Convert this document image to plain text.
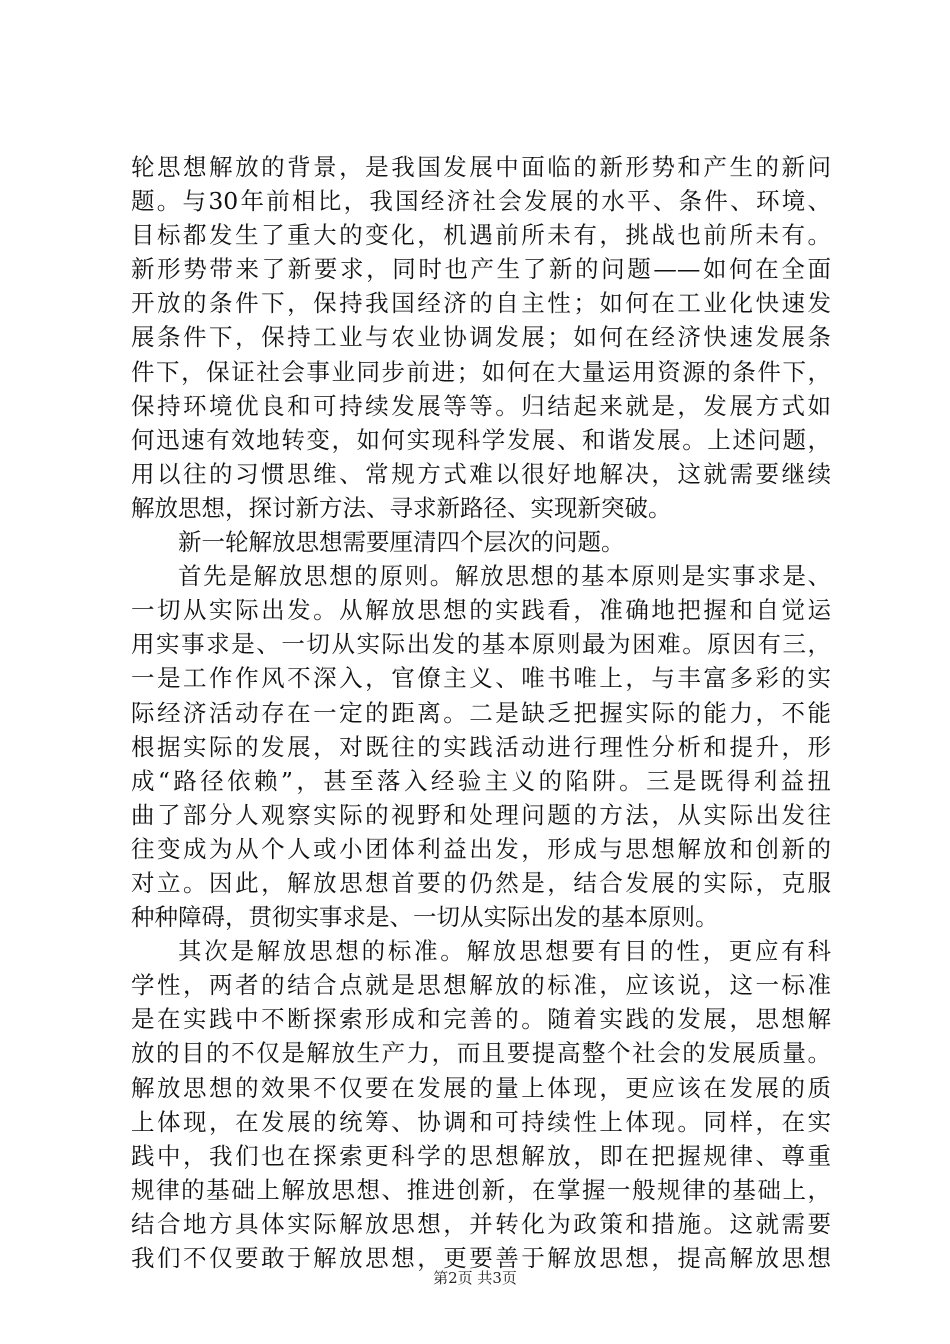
轮思想解放的背景，是我国发展中面临的新形势和产生的新问
题。与30年前相比，我国经济社会发展的水平、条件、环境、
目标都发生了重大的变化，机遇前所未有，挑战也前所未有。
新形势带来了新要求，同时也产生了新的问题——如何在全面
开放的条件下，保持我国经济的自主性；如何在工业化快速发
展条件下，保持工业与农业协调发展；如何在经济快速发展条
件下，保证社会事业同步前进；如何在大量运用资源的条件下，
保持环境优良和可持续发展等等。归结起来就是，发展方式如
何迅速有效地转变，如何实现科学发展、和谐发展。上述问题，
用以往的习惯思维、常规方式难以很好地解决，这就需要继续
解放思想，探讨新方法、寻求新路径、实现新突破。
新一轮解放思想需要厘清四个层次的问题。
首先是解放思想的原则。解放思想的基本原则是实事求是、
一切从实际出发。从解放思想的实践看，准确地把握和自觉运
用实事求是、一切从实际出发的基本原则最为困难。原因有三，
一是工作作风不深入，官僚主义、唯书唯上，与丰富多彩的实
际经济活动存在一定的距离。二是缺乏把握实际的能力，不能
根据实际的发展，对既往的实践活动进行理性分析和提升，形
成“路径依赖”，甚至落入经验主义的陷阱。三是既得利益扭
曲了部分人观察实际的视野和处理问题的方法，从实际出发往
往变成为从个人或小团体利益出发，形成与思想解放和创新的
对立。因此，解放思想首要的仍然是，结合发展的实际，克服
种种障碍，贯彻实事求是、一切从实际出发的基本原则。
其次是解放思想的标准。解放思想要有目的性，更应有科
学性，两者的结合点就是思想解放的标准，应该说，这一标准
是在实践中不断探索形成和完善的。随着实践的发展，思想解
放的目的不仅是解放生产力，而且要提高整个社会的发展质量。
解放思想的效果不仅要在发展的量上体现，更应该在发展的质
上体现，在发展的统筹、协调和可持续性上体现。同样，在实
践中，我们也在探索更科学的思想解放，即在把握规律、尊重
规律的基础上解放思想、推进创新，在掌握一般规律的基础上，
结合地方具体实际解放思想，并转化为政策和措施。这就需要
我们不仅要敢于解放思想，更要善于解放思想，提高解放思想
第2页 共3页
